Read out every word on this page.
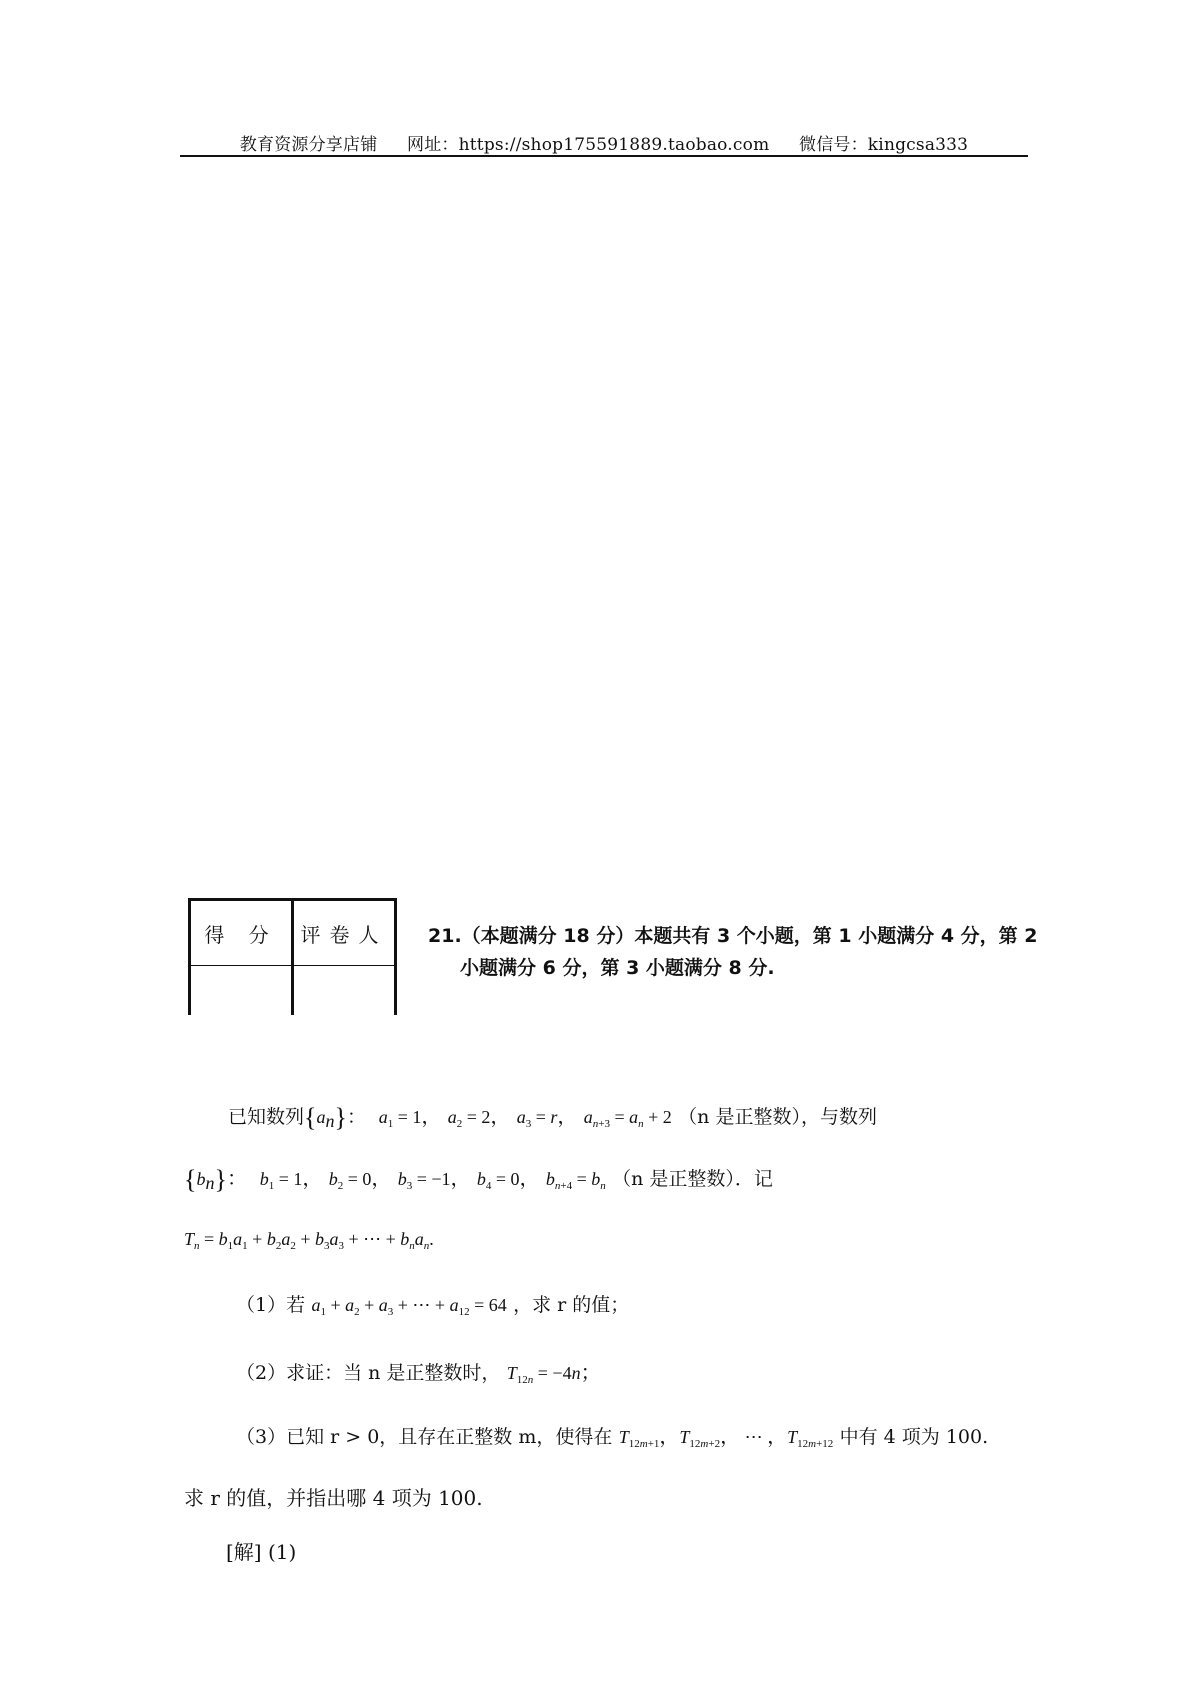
教育资源分享店铺 网址：https://shop175591889.taobao.com 微信号：kingcsa333
得 分	评卷人
	21.（本题满分 18 分）本题共有 3 个小题，第 1 小题满分 4 分，第 2
小题满分 6 分，第 3 小题满分 8 分.
已知数列$\{a_n\}$： $a_1 = 1$， $a_2 = 2$， $a_3 = r$， $a_{n+3} = a_n + 2$ （n 是正整数），与数列
$\{b_n\}$：  $b_1 = 1$， $b_2 = 0$， $b_3 = -1$， $b_4 = 0$， $b_{n+4} = b_n$ （n 是正整数）．记
$T_n = b_1a_1 + b_2a_2 + b_3a_3$ + ⋯ + $b_na_n$.
（1）若 $a_1 + a_2 + a_3$ + ⋯ + $a_{12} = 64$ ，求 r 的值；
（2）求证：当 n 是正整数时， $T_{12n} = -4n$；
（3）已知 r > 0，且存在正整数 m，使得在 $T_{12m+1}$，$T_{12m+2}$， ⋯ ，$T_{12m+12}$ 中有 4 项为 100.
求 r 的值，并指出哪 4 项为 100.
[解] (1)
